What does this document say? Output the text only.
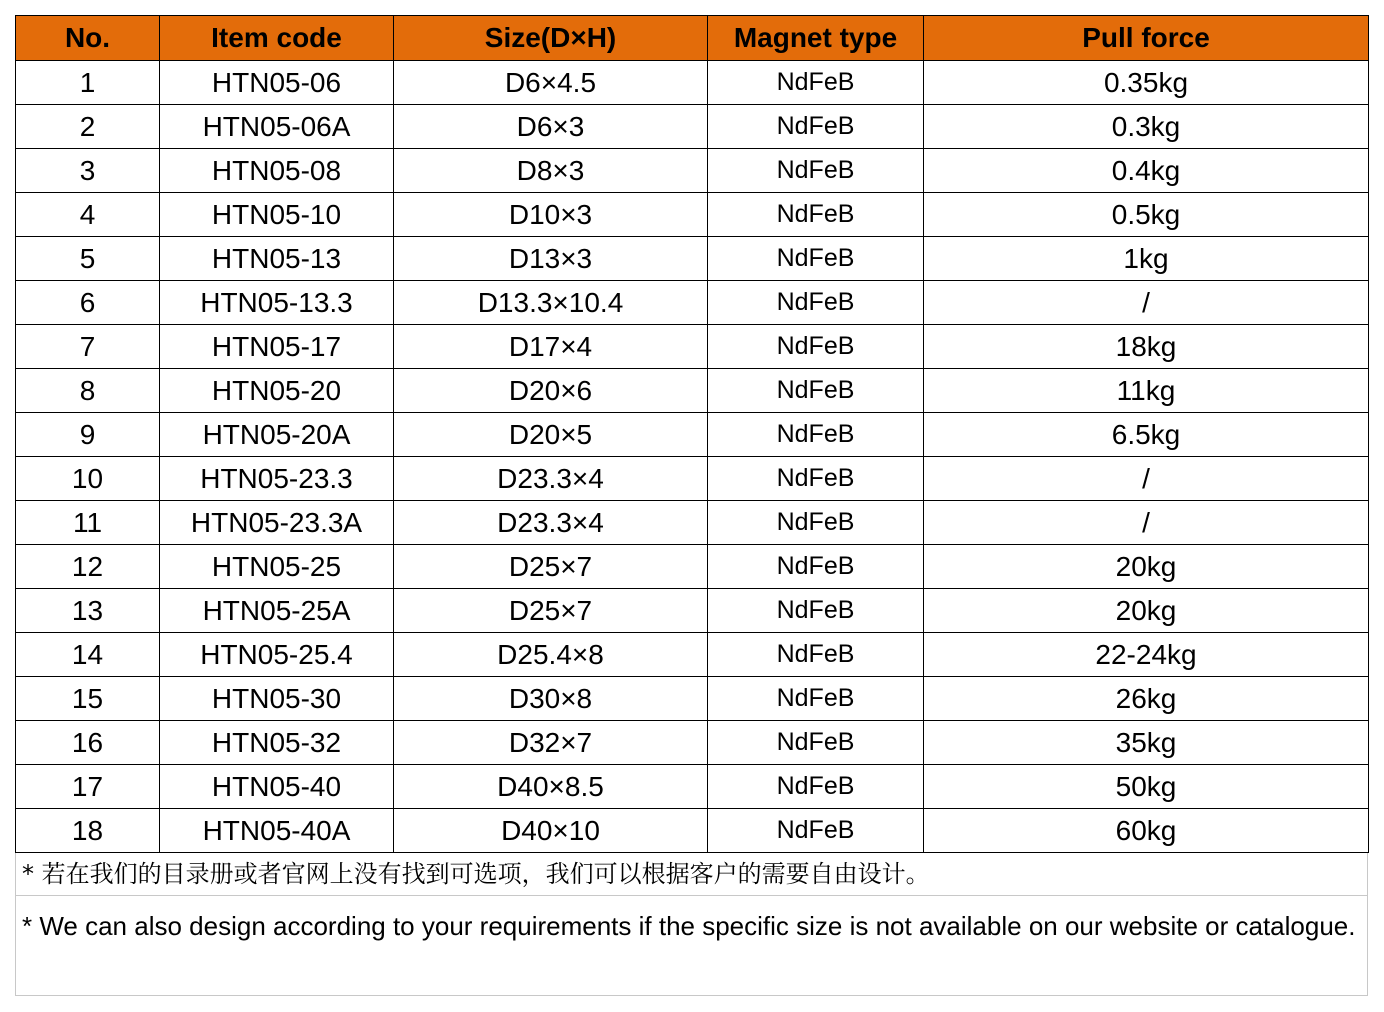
No.	Item code	Size(D×H)	Magnet type	Pull force
1	HTN05-06	D6×4.5	NdFeB	0.35kg
2	HTN05-06A	D6×3	NdFeB	0.3kg
3	HTN05-08	D8×3	NdFeB	0.4kg
4	HTN05-10	D10×3	NdFeB	0.5kg
5	HTN05-13	D13×3	NdFeB	1kg
6	HTN05-13.3	D13.3×10.4	NdFeB	/
7	HTN05-17	D17×4	NdFeB	18kg
8	HTN05-20	D20×6	NdFeB	11kg
9	HTN05-20A	D20×5	NdFeB	6.5kg
10	HTN05-23.3	D23.3×4	NdFeB	/
11	HTN05-23.3A	D23.3×4	NdFeB	/
12	HTN05-25	D25×7	NdFeB	20kg
13	HTN05-25A	D25×7	NdFeB	20kg
14	HTN05-25.4	D25.4×8	NdFeB	22-24kg
15	HTN05-30	D30×8	NdFeB	26kg
16	HTN05-32	D32×7	NdFeB	35kg
17	HTN05-40	D40×8.5	NdFeB	50kg
18	HTN05-40A	D40×10	NdFeB	60kg
* 若在我们的目录册或者官网上没有找到可选项，我们可以根据客户的需要自由设计。
* We can also design according to your requirements if the specific size is not available on our website or catalogue.
